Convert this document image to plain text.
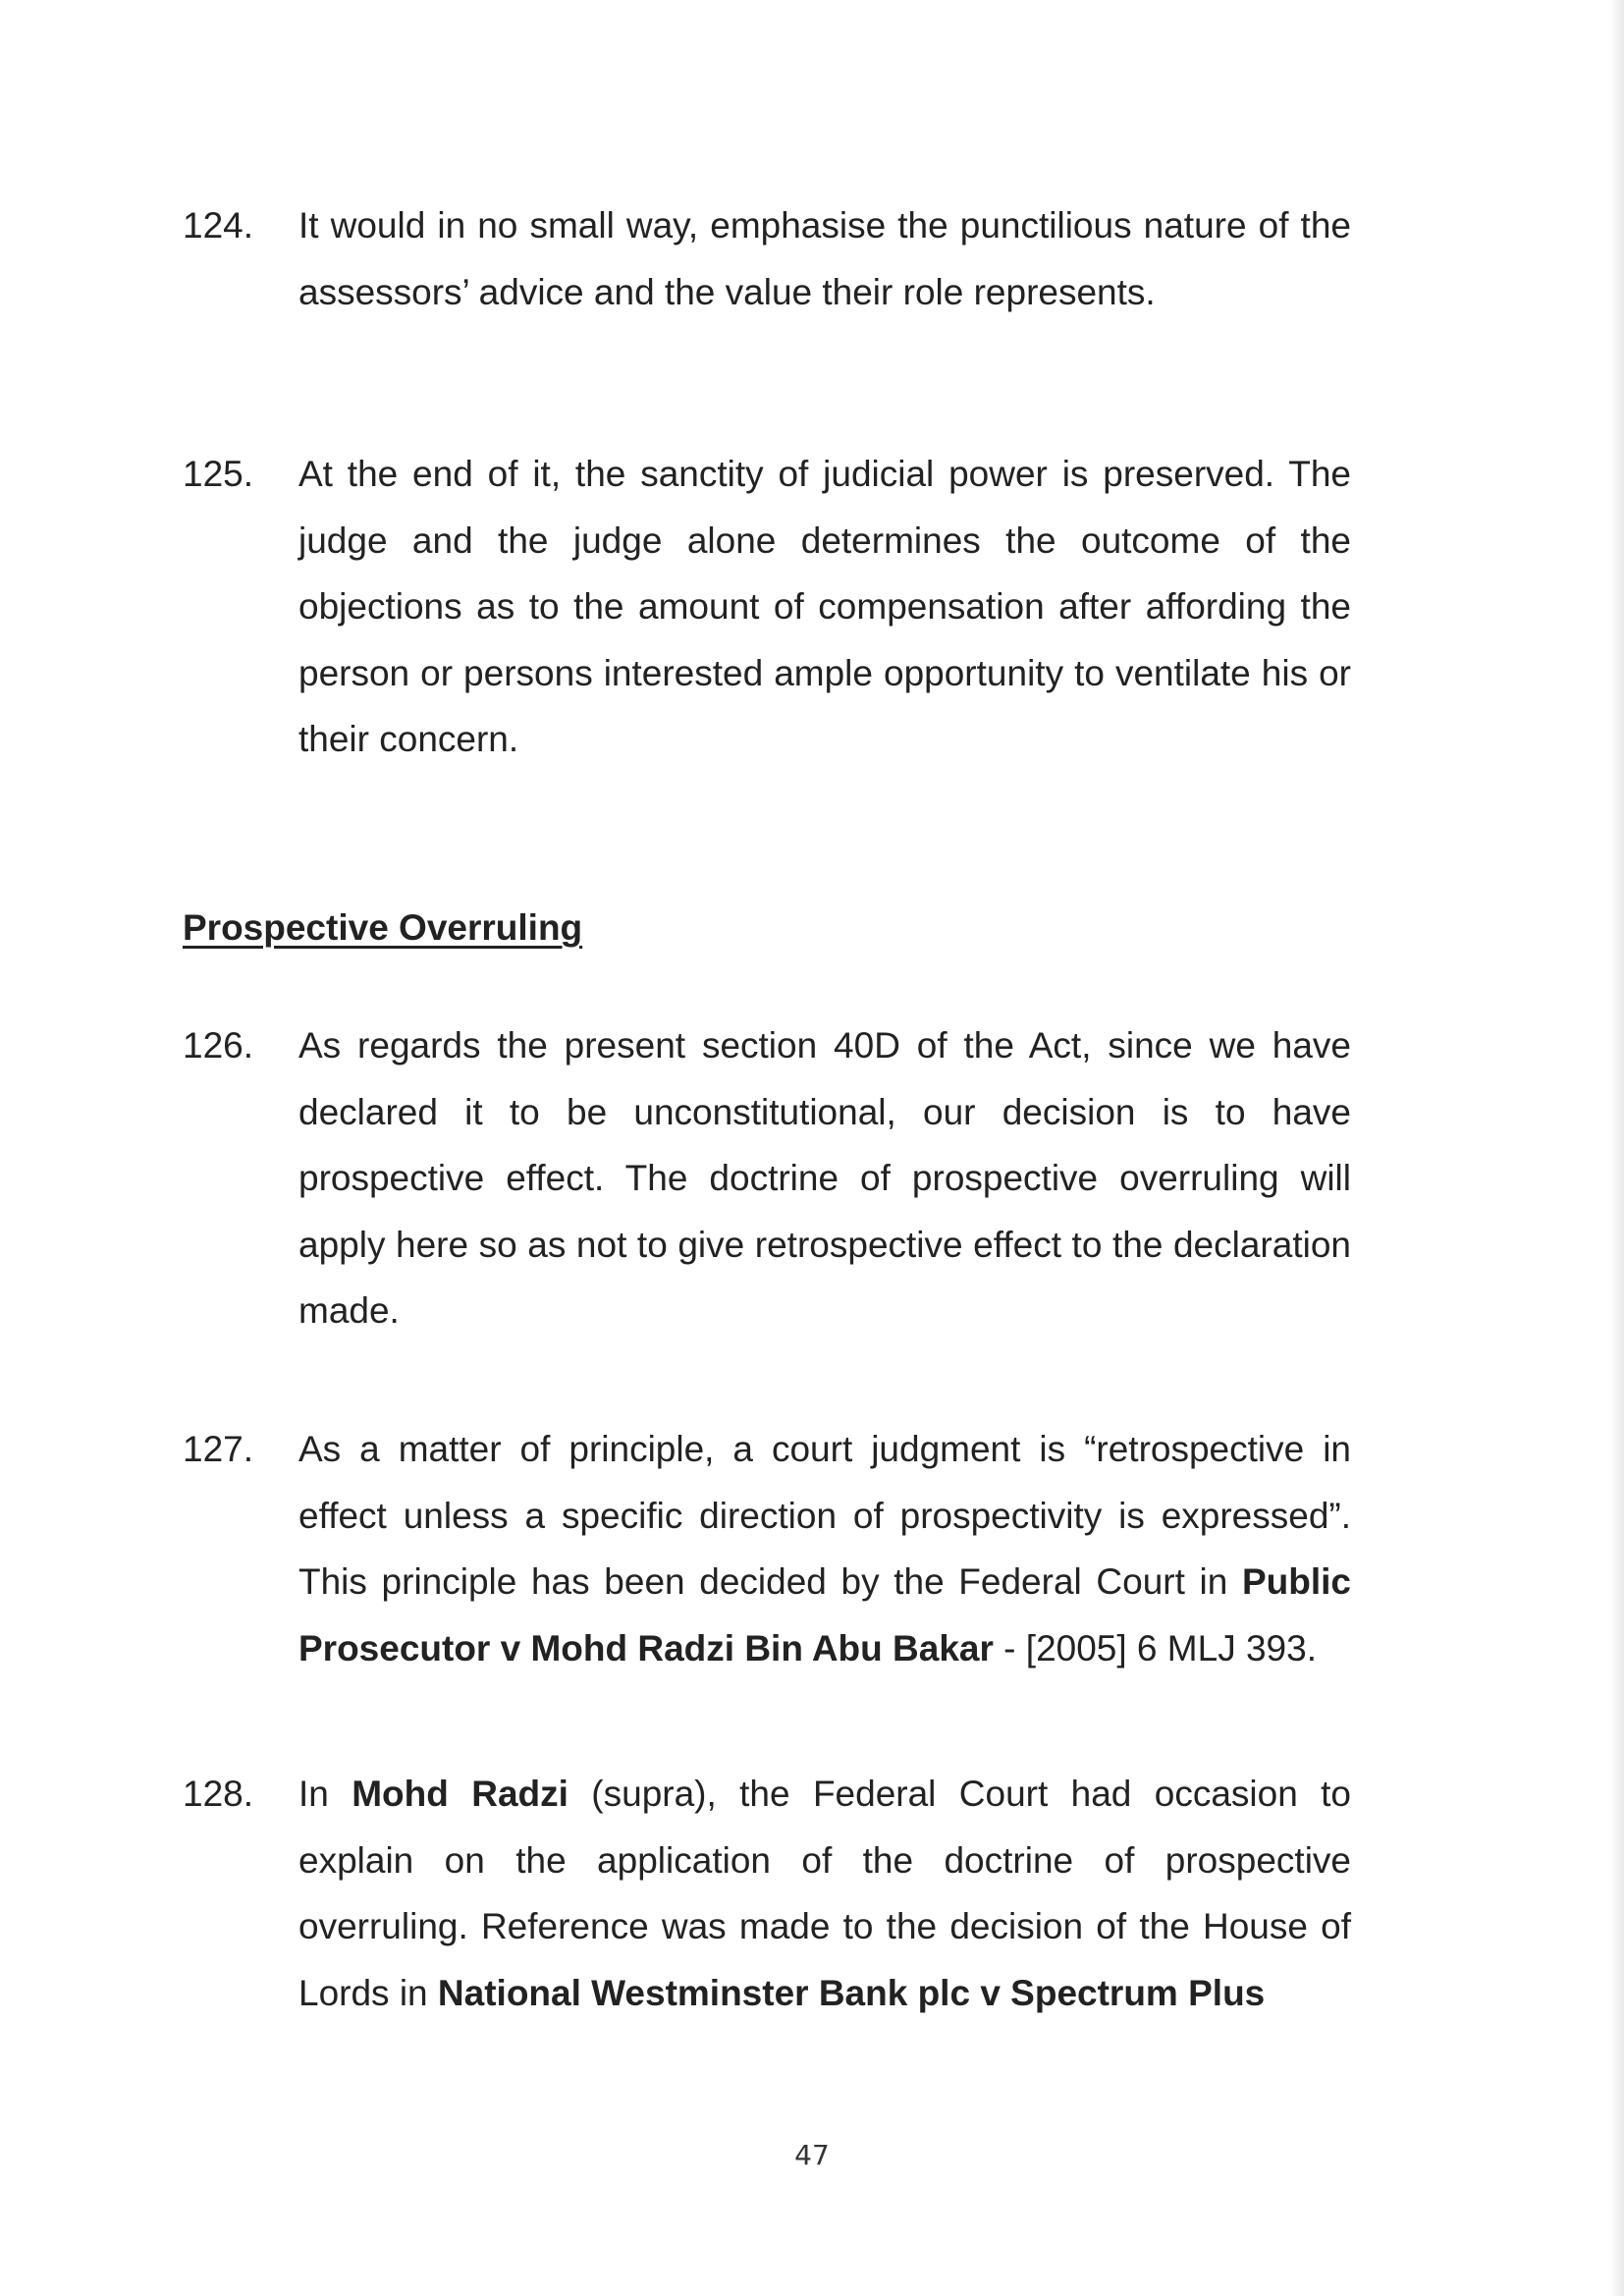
124.	It would in no small way, emphasise the punctilious nature of the assessors’ advice and the value their role represents.
125.	At the end of it, the sanctity of judicial power is preserved. The judge and the judge alone determines the outcome of the objections as to the amount of compensation after affording the person or persons interested ample opportunity to ventilate his or their concern.
Prospective Overruling
126.	As regards the present section 40D of the Act, since we have declared it to be unconstitutional, our decision is to have prospective effect. The doctrine of prospective overruling will apply here so as not to give retrospective effect to the declaration made.
127.	As a matter of principle, a court judgment is “retrospective in effect unless a specific direction of prospectivity is expressed”. This principle has been decided by the Federal Court in Public Prosecutor v Mohd Radzi Bin Abu Bakar - [2005] 6 MLJ 393.
128.	In Mohd Radzi (supra), the Federal Court had occasion to explain on the application of the doctrine of prospective overruling. Reference was made to the decision of the House of Lords in National Westminster Bank plc v Spectrum Plus
47
